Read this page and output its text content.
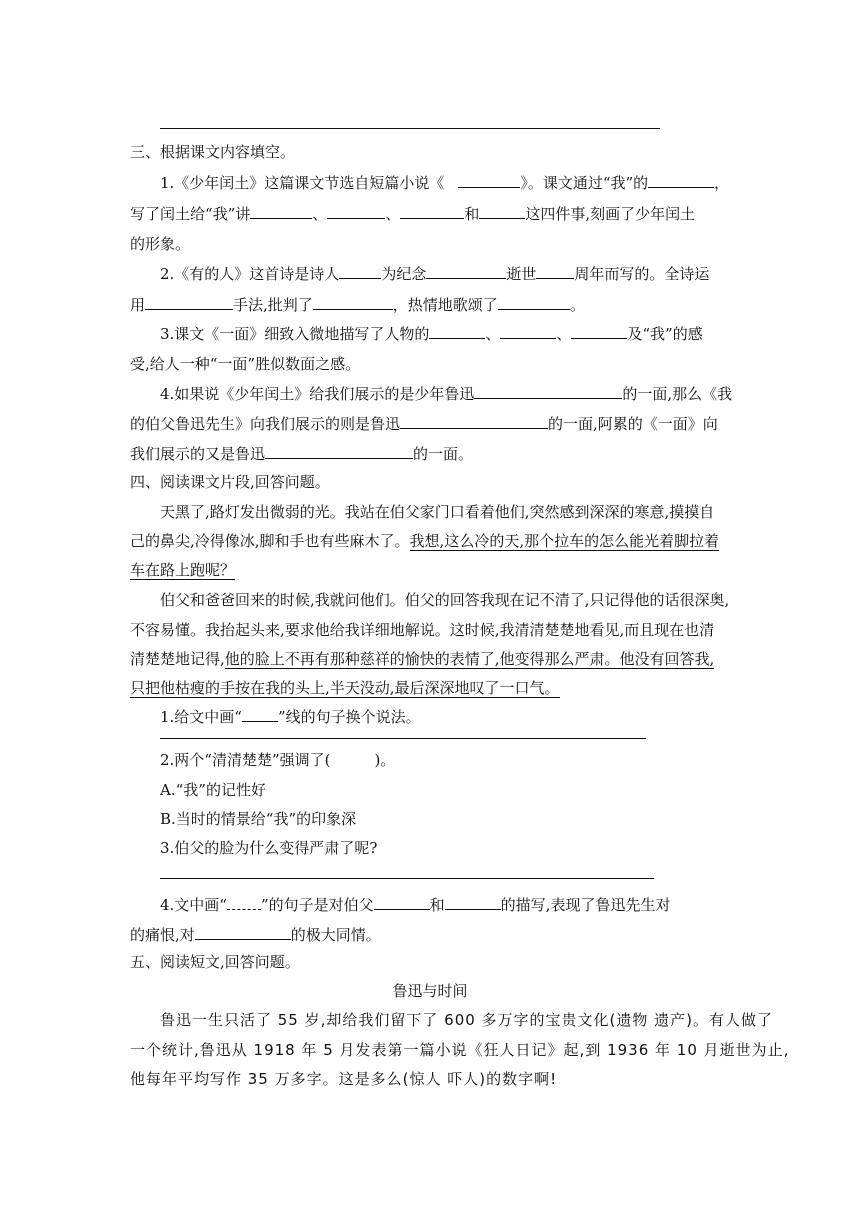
三、根据课文内容填空。
1.《少年闰土》这篇课文节选自短篇小说《	》。课文通过“我”的	，
写了闰土给“我”讲	、	、	和	这四件事,刻画了少年闰土
的形象。
2.《有的人》这首诗是诗人	为纪念	逝世	周年而写的。全诗运
用	手法,批判了	，热情地歌颂了	。
3.课文《一面》细致入微地描写了人物的	、	、	及“我”的感
受,给人一种“一面”胜似数面之感。
4.如果说《少年闰土》给我们展示的是少年鲁迅	的一面,那么《我
的伯父鲁迅先生》向我们展示的则是鲁迅	的一面,阿累的《一面》向
我们展示的又是鲁迅	的一面。
四、阅读课文片段,回答问题。
天黑了,路灯发出微弱的光。我站在伯父家门口看着他们,突然感到深深的寒意,摸摸自
己的鼻尖,冷得像冰,脚和手也有些麻木了。我想,这么冷的天,那个拉车的怎么能光着脚拉着
车在路上跑呢？
伯父和爸爸回来的时候,我就问他们。伯父的回答我现在记不清了,只记得他的话很深奥,
不容易懂。我抬起头来,要求他给我详细地解说。这时候,我清清楚楚地看见,而且现在也清
清楚楚地记得,他的脸上不再有那种慈祥的愉快的表情了,他变得那么严肃。他没有回答我,
只把他枯瘦的手按在我的头上,半天没动,最后深深地叹了一口气。
1.给文中画“ ”线的句子换个说法。
2.两个“清清楚楚”强调了(	)。
A.“我”的记性好
B.当时的情景给“我”的印象深
3.伯父的脸为什么变得严肃了呢?
4.文中画“ ”的句子是对伯父	和	的描写,表现了鲁迅先生对
的痛恨,对	的极大同情。
五、阅读短文,回答问题。
鲁迅与时间
鲁迅一生只活了 55 岁,却给我们留下了 600 多万字的宝贵文化(遗物 遗产)。有人做了
一个统计,鲁迅从 1918 年 5 月发表第一篇小说《狂人日记》起,到 1936 年 10 月逝世为止,
他每年平均写作 35 万多字。这是多么(惊人 吓人)的数字啊!
